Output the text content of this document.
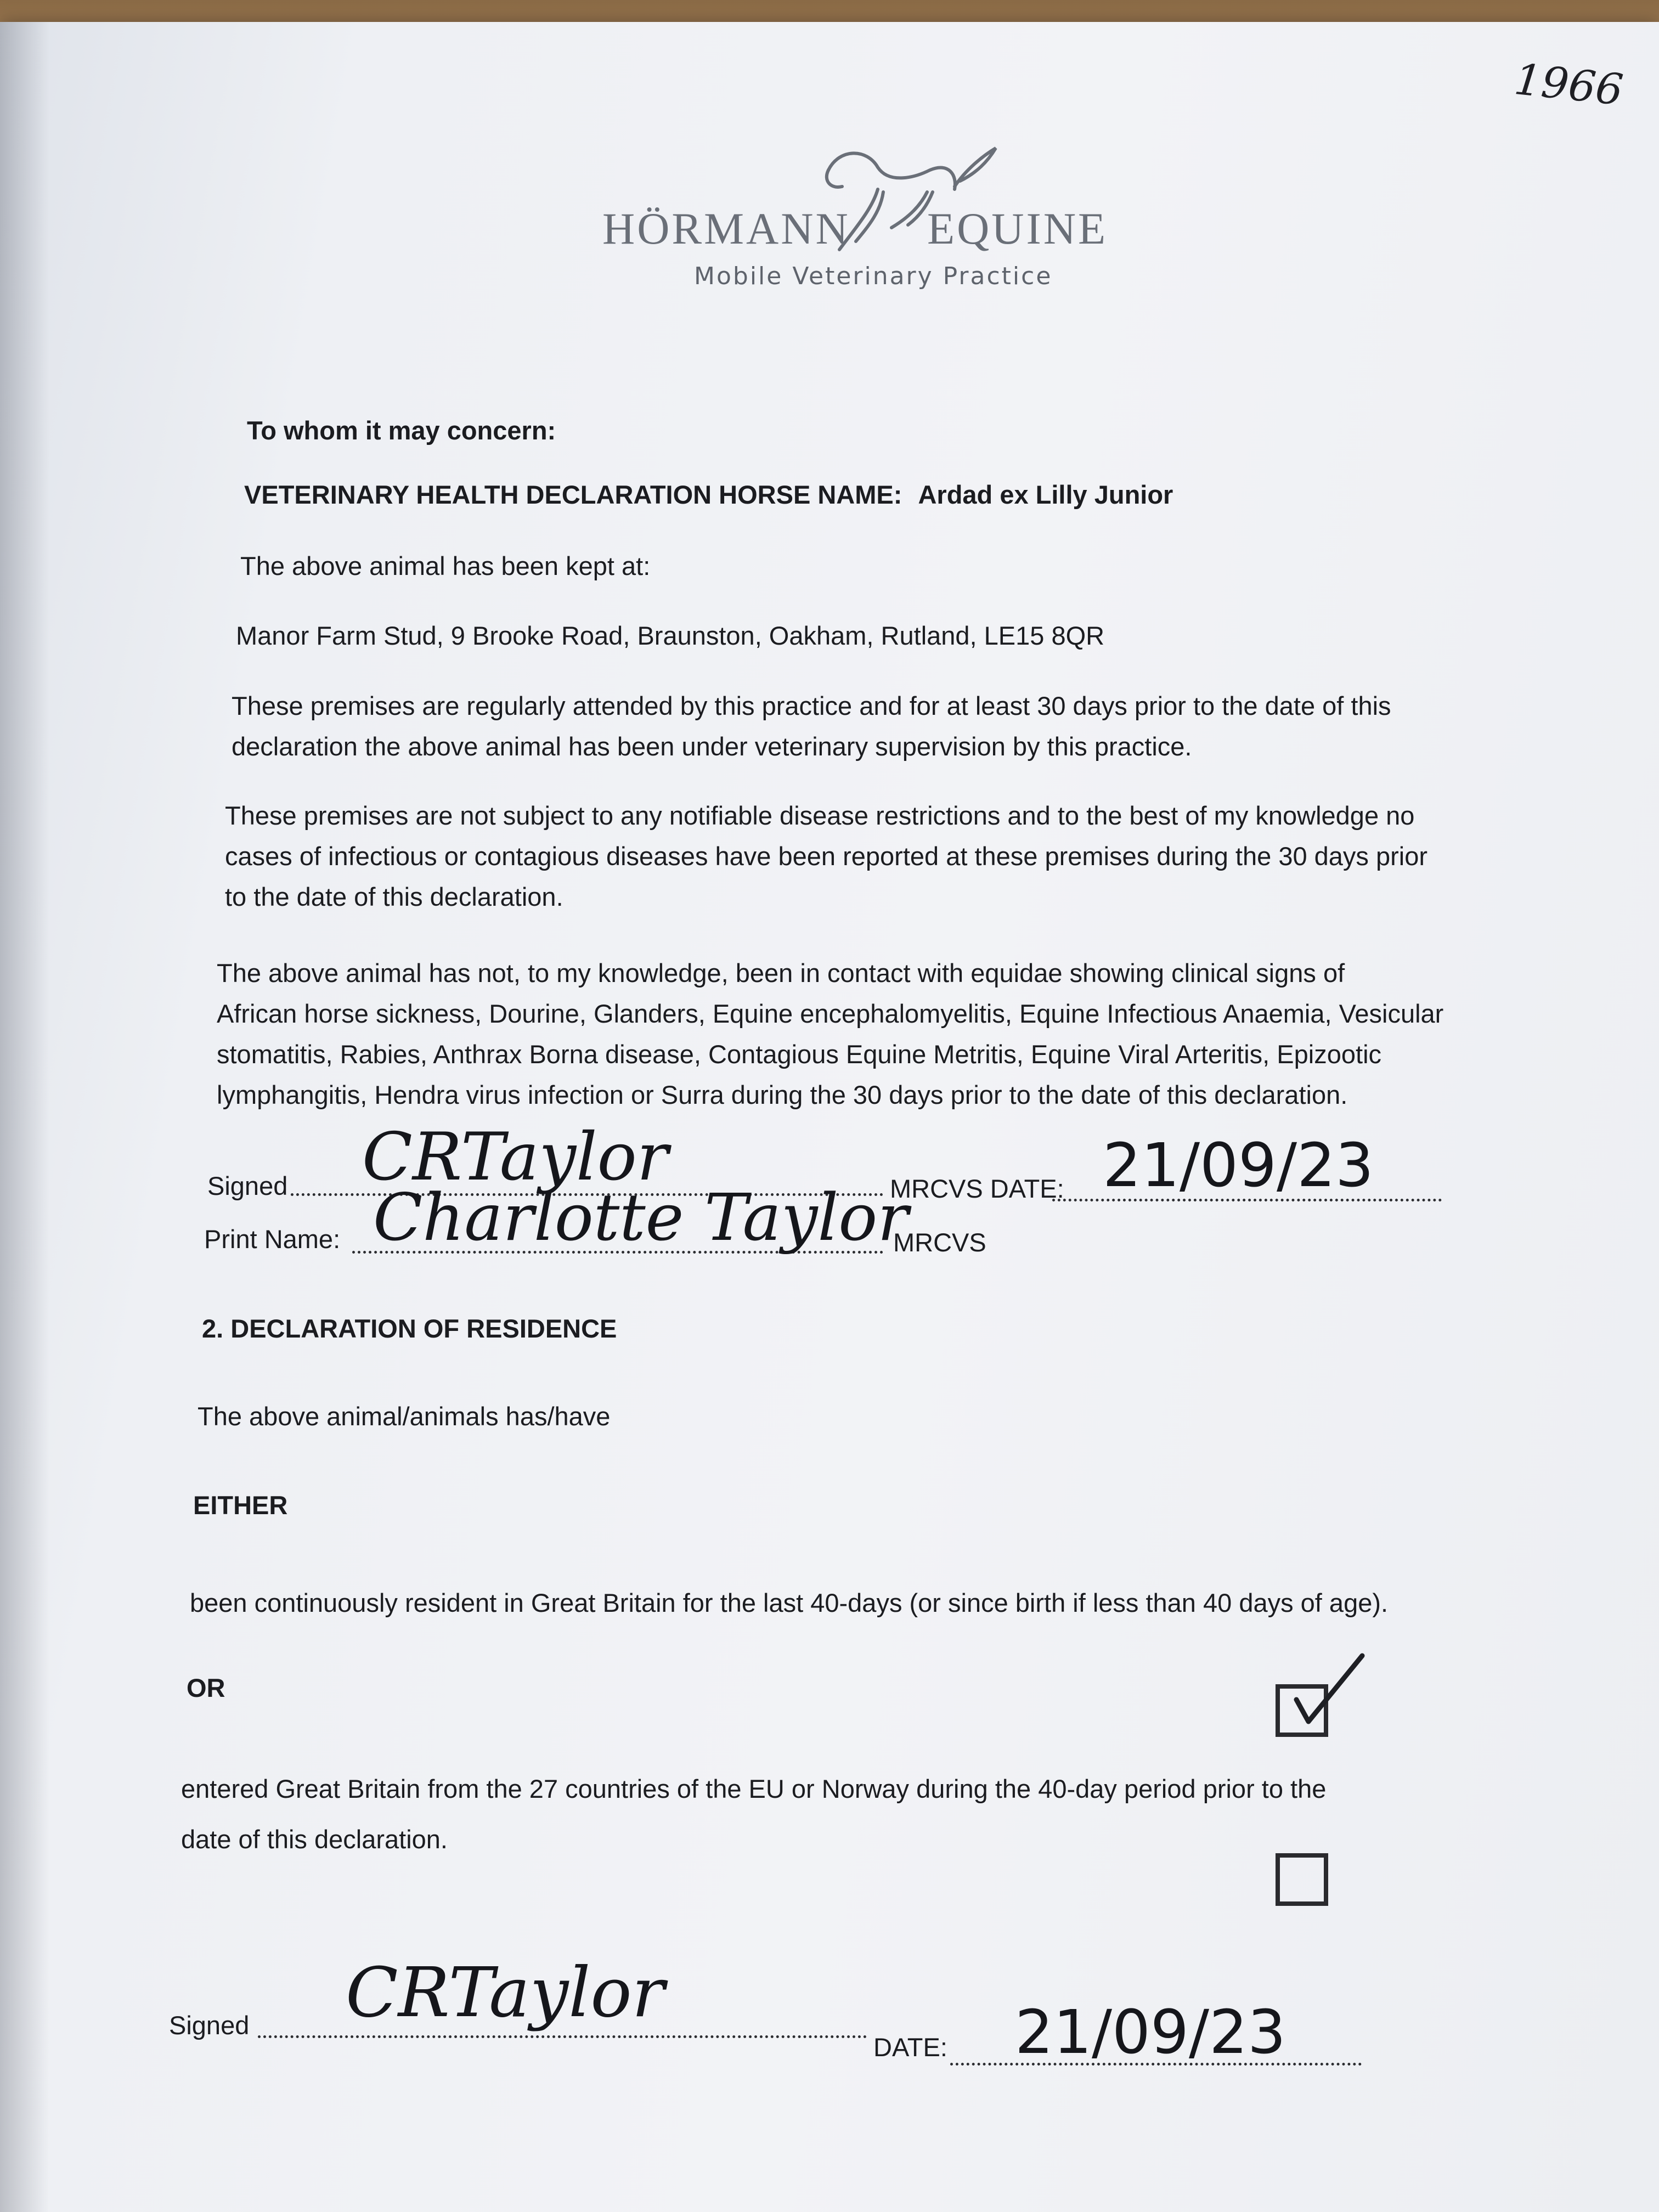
1966
HÖRMANN EQUINE
Mobile Veterinary Practice
To whom it may concern:
VETERINARY HEALTH DECLARATION HORSE NAME: Ardad ex Lilly Junior
The above animal has been kept at:
Manor Farm Stud, 9 Brooke Road, Braunston, Oakham, Rutland, LE15 8QR
These premises are regularly attended by this practice and for at least 30 days prior to the date of this
declaration the above animal has been under veterinary supervision by this practice.
These premises are not subject to any notifiable disease restrictions and to the best of my knowledge no
cases of infectious or contagious diseases have been reported at these premises during the 30 days prior
to the date of this declaration.
The above animal has not, to my knowledge, been in contact with equidae showing clinical signs of
African horse sickness, Dourine, Glanders, Equine encephalomyelitis, Equine Infectious Anaemia, Vesicular
stomatitis, Rabies, Anthrax Borna disease, Contagious Equine Metritis, Equine Viral Arteritis, Epizootic
lymphangitis, Hendra virus infection or Surra during the 30 days prior to the date of this declaration.
Signed CRTaylor	MRCVS DATE: 21/09/23
Print Name: Charlotte Taylor
MRCVS
2. DECLARATION OF RESIDENCE
The above animal/animals has/have
EITHER
been continuously resident in Great Britain for the last 40-days (or since birth if less than 40 days of age).
OR
entered Great Britain from the 27 countries of the EU or Norway during the 40-day period prior to the
date of this declaration.
Signed CRTaylor
DATE: 21/09/23
